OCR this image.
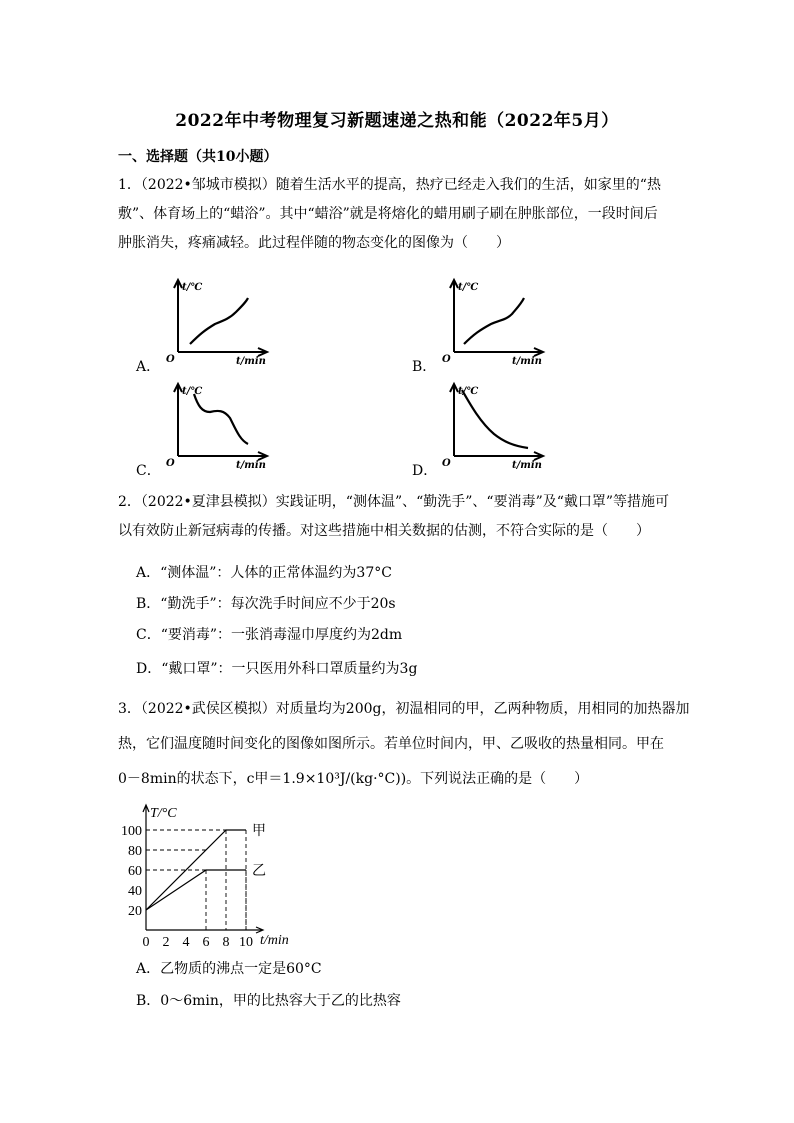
2022年中考物理复习新题速递之热和能（2022年5月）
一、选择题（共10小题）
1．（2022•邹城市模拟）随着生活水平的提高，热疗已经走入我们的生活，如家里的“热
敷”、体育场上的“蜡浴”。其中“蜡浴”就是将熔化的蜡用刷子刷在肿胀部位，一段时间后
肿胀消失，疼痛减轻。此过程伴随的物态变化的图像为（　　）
A．	B．
C．	D．
t/℃
t/min
O
t/℃
t/min
O
t/℃
t/min
O
t/℃
t/min
O
2．（2022•夏津县模拟）实践证明，“测体温”、“勤洗手”、“要消毒”及“戴口罩”等措施可
以有效防止新冠病毒的传播。对这些措施中相关数据的估测，不符合实际的是（　　）
A．“测体温”：人体的正常体温约为37°C
B．“勤洗手”：每次洗手时间应不少于20s
C．“要消毒”：一张消毒湿巾厚度约为2dm
D．“戴口罩”：一只医用外科口罩质量约为3g
3．（2022•武侯区模拟）对质量均为200g，初温相同的甲，乙两种物质，用相同的加热器加
热，它们温度随时间变化的图像如图所示。若单位时间内，甲、乙吸收的热量相同。甲在
0－8min的状态下，c甲＝1.9×10³J/(kg·°C))。下列说法正确的是（　　）
甲
乙
20
40
60
80
100
0 2 4 6 8 10
T/°C
t/min
A．乙物质的沸点一定是60°C
B．0～6min，甲的比热容大于乙的比热容
